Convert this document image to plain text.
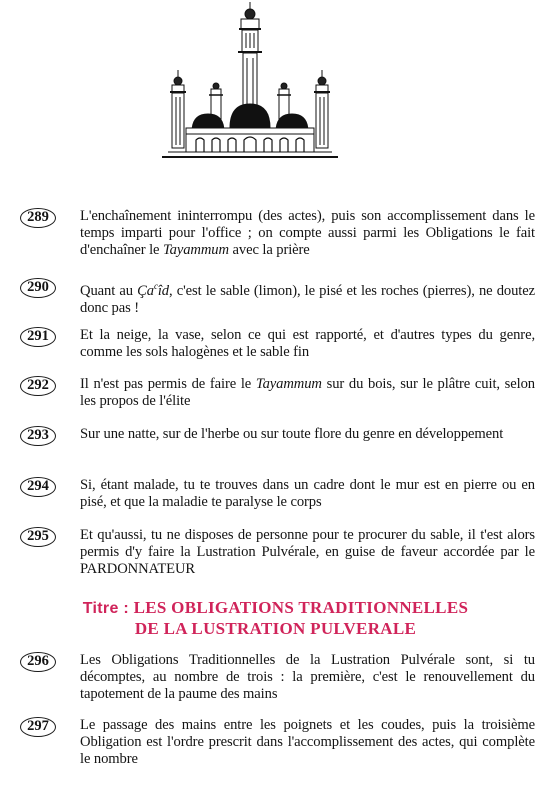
289	L'enchaînement ininterrompu (des actes), puis son accomplissement dans le temps imparti pour l'office ; on compte aussi parmi les Obligations le fait d'enchaîner le Tayammum avec la prière
290	Quant au $Ça^cîd$, c'est le sable (limon), le pisé et les roches (pierres), ne doutez donc pas !
291	Et la neige, la vase, selon ce qui est rapporté, et d'autres types du genre, comme les sols halogènes et le sable fin
292	Il n'est pas permis de faire le Tayammum sur du bois, sur le plâtre cuit, selon les propos de l'élite
293	Sur une natte, sur de l'herbe ou sur toute flore du genre en développement
294	Si, étant malade, tu te trouves dans un cadre dont le mur est en pierre ou en pisé, et que la maladie te paralyse le corps
295	Et qu'aussi, tu ne disposes de personne pour te procurer du sable, il t'est alors permis d'y faire la Lustration Pulvérale, en guise de faveur accordée par le PARDONNATEUR
Titre : LES OBLIGATIONS TRADITIONNELLES
DE LA LUSTRATION PULVERALE
296	Les Obligations Traditionnelles de la Lustration Pulvérale sont, si tu décomptes, au nombre de trois : la première, c'est le renouvellement du tapotement de la paume des mains
297	Le passage des mains entre les poignets et les coudes, puis la troisième Obligation est l'ordre prescrit dans l'accomplissement des actes, qui complète le nombre
